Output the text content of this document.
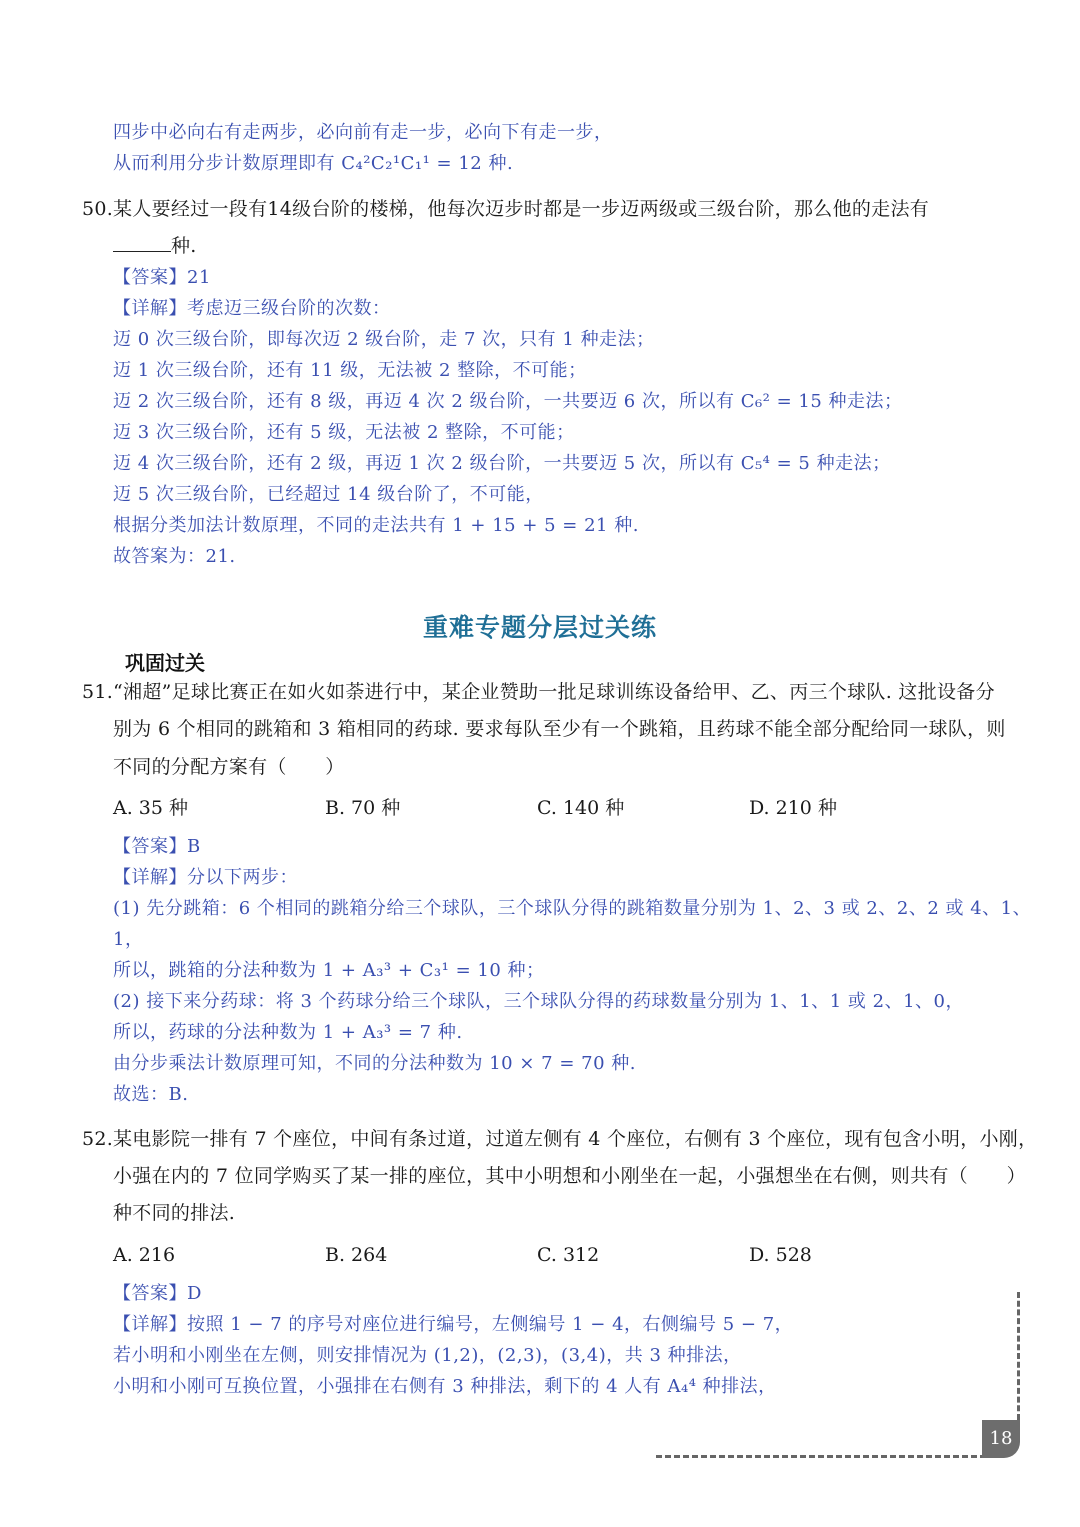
四步中必向右有走两步，必向前有走一步，必向下有走一步，
从而利用分步计数原理即有 C₄²C₂¹C₁¹ = 12 种.
50. 某人要经过一段有14级台阶的楼梯，他每次迈步时都是一步迈两级或三级台阶，那么他的走法有
种.
【答案】21
【详解】考虑迈三级台阶的次数：
迈 0 次三级台阶，即每次迈 2 级台阶，走 7 次，只有 1 种走法；
迈 1 次三级台阶，还有 11 级，无法被 2 整除，不可能；
迈 2 次三级台阶，还有 8 级，再迈 4 次 2 级台阶，一共要迈 6 次，所以有 C₆² = 15 种走法；
迈 3 次三级台阶，还有 5 级，无法被 2 整除，不可能；
迈 4 次三级台阶，还有 2 级，再迈 1 次 2 级台阶，一共要迈 5 次，所以有 C₅⁴ = 5 种走法；
迈 5 次三级台阶，已经超过 14 级台阶了，不可能，
根据分类加法计数原理，不同的走法共有 1 + 15 + 5 = 21 种.
故答案为：21.
重难专题分层过关练
巩固过关
51. “湘超”足球比赛正在如火如荼进行中，某企业赞助一批足球训练设备给甲、乙、丙三个球队. 这批设备分
别为 6 个相同的跳箱和 3 箱相同的药球. 要求每队至少有一个跳箱，且药球不能全部分配给同一球队，则
不同的分配方案有（　　）
A. 35 种	B. 70 种	C. 140 种	D. 210 种
【答案】B
【详解】分以下两步：
(1) 先分跳箱：6 个相同的跳箱分给三个球队，三个球队分得的跳箱数量分别为 1、2、3 或 2、2、2 或 4、1、
1，
所以，跳箱的分法种数为 1 + A₃³ + C₃¹ = 10 种；
(2) 接下来分药球：将 3 个药球分给三个球队，三个球队分得的药球数量分别为 1、1、1 或 2、1、0，
所以，药球的分法种数为 1 + A₃³ = 7 种.
由分步乘法计数原理可知，不同的分法种数为 10 × 7 = 70 种.
故选：B.
52. 某电影院一排有 7 个座位，中间有条过道，过道左侧有 4 个座位，右侧有 3 个座位，现有包含小明，小刚，
小强在内的 7 位同学购买了某一排的座位，其中小明想和小刚坐在一起，小强想坐在右侧，则共有（　　）
种不同的排法.
A. 216	B. 264	C. 312	D. 528
【答案】D
【详解】按照 1 − 7 的序号对座位进行编号，左侧编号 1 − 4，右侧编号 5 − 7，
若小明和小刚坐在左侧，则安排情况为 (1,2)，(2,3)，(3,4)，共 3 种排法，
小明和小刚可互换位置，小强排在右侧有 3 种排法，剩下的 4 人有 A₄⁴ 种排法，
18
